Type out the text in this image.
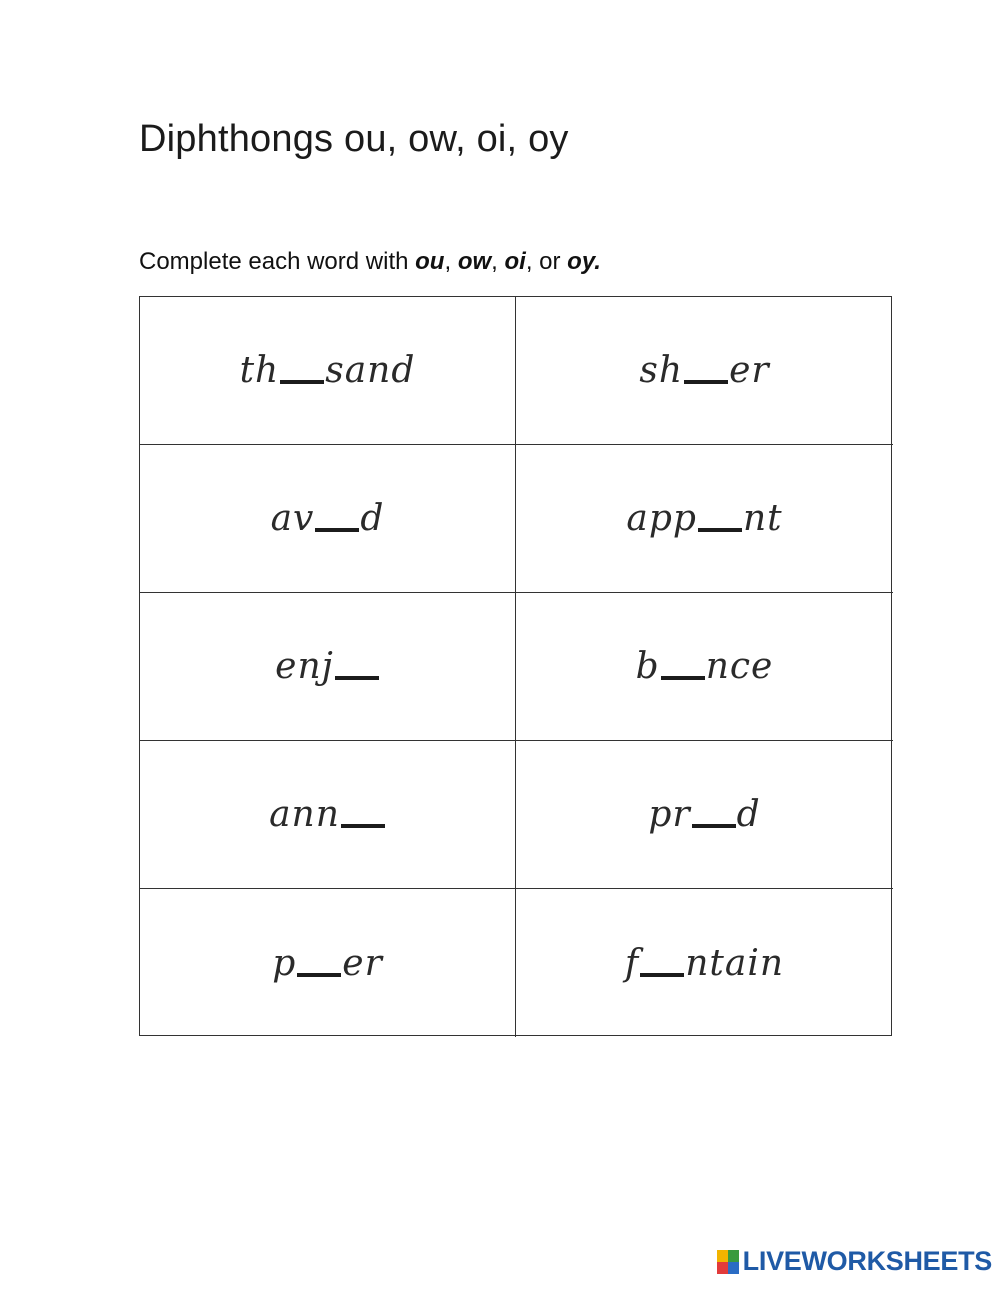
Diphthongs ou, ow, oi, oy
Complete each word with ou, ow, oi, or oy.
th sand	sh er
av d	app nt
enj	b nce
ann	pr d
p er	f ntain
LIVEWORKSHEETS
